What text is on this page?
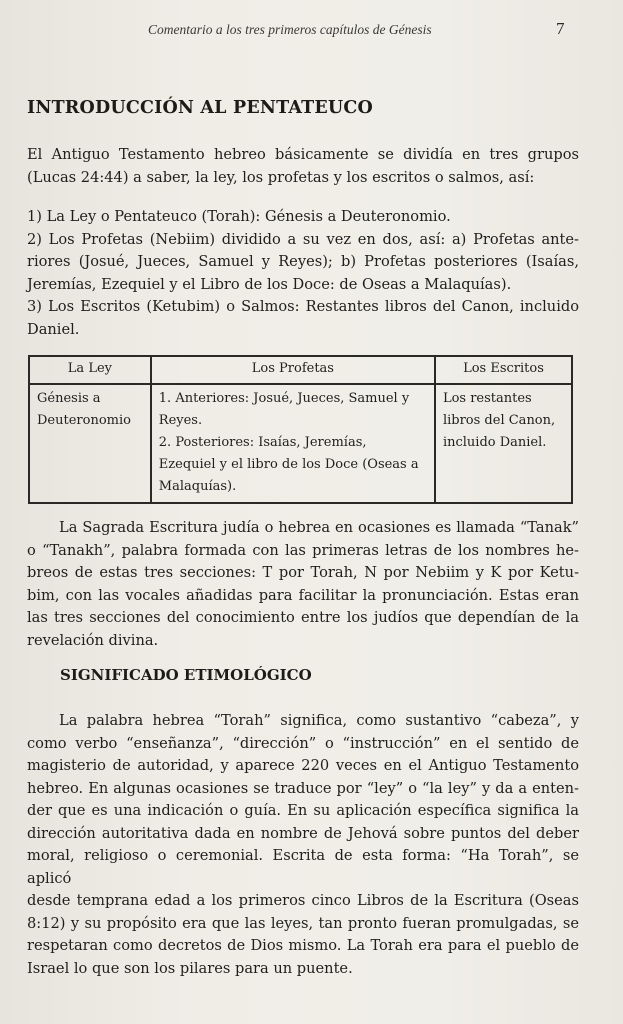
Comentario a los tres primeros capítulos de Génesis	7
INTRODUCCIÓN AL PENTATEUCO
El Antiguo Testamento hebreo básicamente se dividía en tres grupos
(Lucas 24:44) a saber, la ley, los profetas y los escritos o salmos, así:
1) La Ley o Pentateuco (Torah): Génesis a Deuteronomio.
2) Los Profetas (Nebiim) dividido a su vez en dos, así: a) Profetas ante-
riores (Josué, Jueces, Samuel y Reyes); b) Profetas posteriores (Isaías,
Jeremías, Ezequiel y el Libro de los Doce: de Oseas a Malaquías).
3) Los Escritos (Ketubim) o Salmos: Restantes libros del Canon, incluido
Daniel.
La Ley	Los Profetas	Los Escritos

Génesis a
Deuteronomio	1. Anteriores: Josué, Jueces, Samuel y
Reyes.
2. Posteriores: Isaías, Jeremías,
Ezequiel y el libro de los Doce (Oseas a
Malaquías).	Los restantes
libros del Canon,
incluido Daniel.
La Sagrada Escritura judía o hebrea en ocasiones es llamada “Tanak”
o “Tanakh”, palabra formada con las primeras letras de los nombres he-
breos de estas tres secciones: T por Torah, N por Nebiim y K por Ketu-
bim, con las vocales añadidas para facilitar la pronunciación. Estas eran
las tres secciones del conocimiento entre los judíos que dependían de la
revelación divina.
SIGNIFICADO ETIMOLÓGICO
La palabra hebrea “Torah” significa, como sustantivo “cabeza”, y
como verbo “enseñanza”, “dirección” o “instrucción” en el sentido de
magisterio de autoridad, y aparece 220 veces en el Antiguo Testamento
hebreo. En algunas ocasiones se traduce por “ley” o “la ley” y da a enten-
der que es una indicación o guía. En su aplicación específica significa la
dirección autoritativa dada en nombre de Jehová sobre puntos del deber
moral, religioso o ceremonial. Escrita de esta forma: “Ha Torah”, se aplicó
desde temprana edad a los primeros cinco Libros de la Escritura (Oseas
8:12) y su propósito era que las leyes, tan pronto fueran promulgadas, se
respetaran como decretos de Dios mismo. La Torah era para el pueblo de
Israel lo que son los pilares para un puente.
